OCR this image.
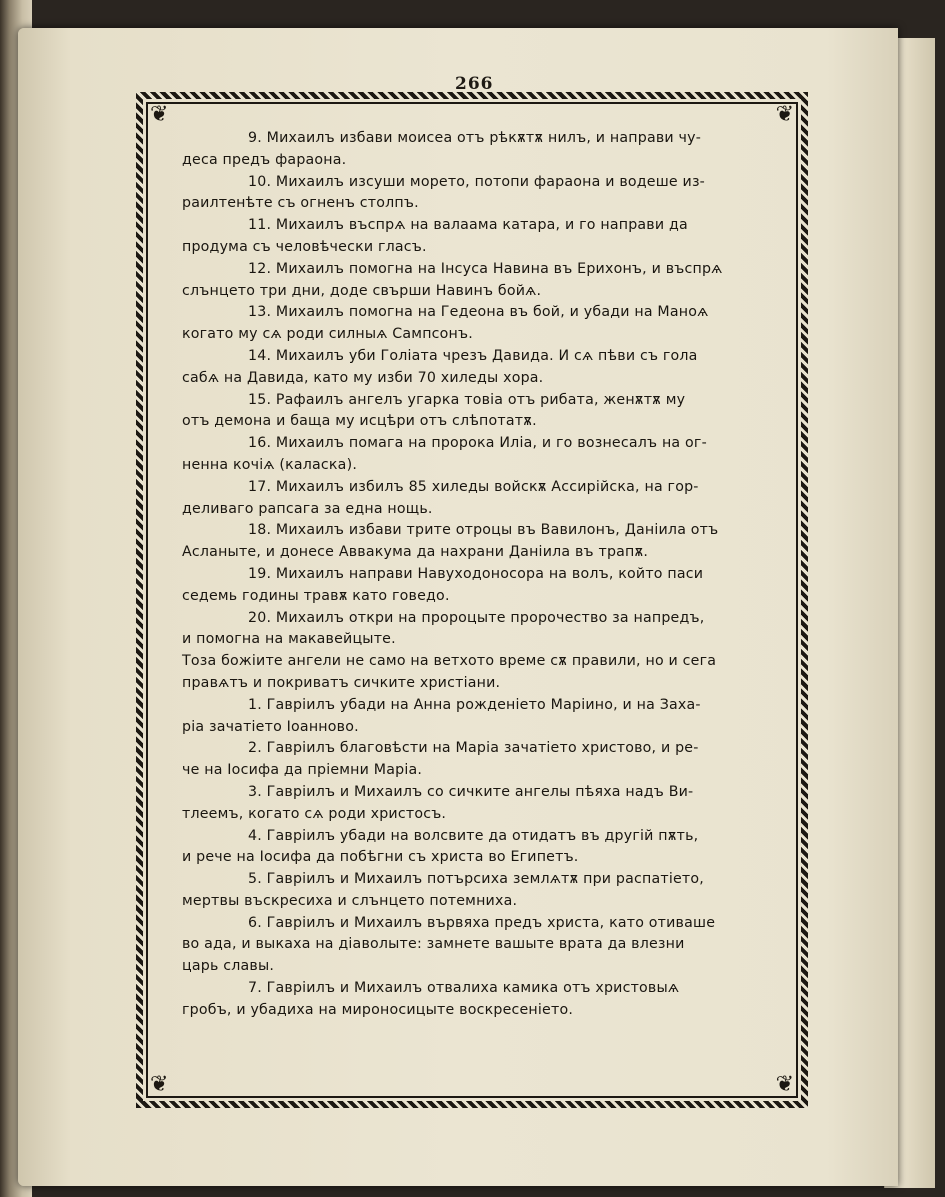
266
❦	❦
❦	❦

9. Михаилъ избави моисеа отъ рѣкѫтѫ нилъ, и направи чу-

деса предъ фараона.

10. Михаилъ изсуши морето, потопи фараона и водеше из-

раилтенѣте съ огненъ столпъ.

11. Михаилъ въспрѧ на валаама катара, и го направи да

продума съ человѣчески гласъ.

12. Михаилъ помогна на Інсуса Навина въ Ерихонъ, и въспрѧ

слънцето три дни, доде свърши Навинъ бойѧ.

13. Михаилъ помогна на Гедеона въ бой, и убади на Маноѧ

когато му сѧ роди силныѧ Сампсонъ.

14. Михаилъ уби Голіата чрезъ Давида. И сѧ пѣви съ гола

сабѧ на Давида, като му изби 70 хиледы хора.

15. Рафаилъ ангелъ угарка товіа отъ рибата, женѫтѫ му

отъ демона и баща му исцѣри отъ слѣпотатѫ.

16. Михаилъ помага на пророка Иліа, и го вознесалъ на ог-

ненна кочіѧ (каласка).

17. Михаилъ избилъ 85 хиледы войскѫ Ассирійска, на гор-

деливаго рапсага за една нощь.

18. Михаилъ избави трите отроцы въ Вавилонъ, Даніила отъ

Асланыте, и донесе Аввакума да нахрани Даніила въ трапѫ.

19. Михаилъ направи Навуходоносора на волъ, който паси

седемь годины травѫ като говедо.

20. Михаилъ откри на пророцыте пророчество за напредъ,

и помогна на макавейцыте.

Тоза божіите ангели не само на ветхото време сѫ правили, но и сега

правѧтъ и покриватъ сичките христіани.

1. Гавріилъ убади на Анна рожденіето Маріино, и на Заха-

ріа зачатіето Іоанново.

2. Гавріилъ благовѣсти на Маріа зачатіето христово, и ре-

че на Іосифа да пріемни Маріа.

3. Гавріилъ и Михаилъ со сичките ангелы пѣяха надъ Ви-

тлеемъ, когато сѧ роди христосъ.

4. Гавріилъ убади на волсвите да отидатъ въ другій пѫть,

и рече на Іосифа да побѣгни съ христа во Египетъ.

5. Гавріилъ и Михаилъ потърсиха землѧтѫ при распатіето,

мертвы въскресиха и слънцето потемниха.

6. Гавріилъ и Михаилъ вървяха предъ христа, като отиваше

во ада, и выкаха на діаволыте: замнете вашыте врата да влезни

царь славы.

7. Гавріилъ и Михаилъ отвалиха камика отъ христовыѧ

гробъ, и убадиха на мироносицыте воскресеніето.
